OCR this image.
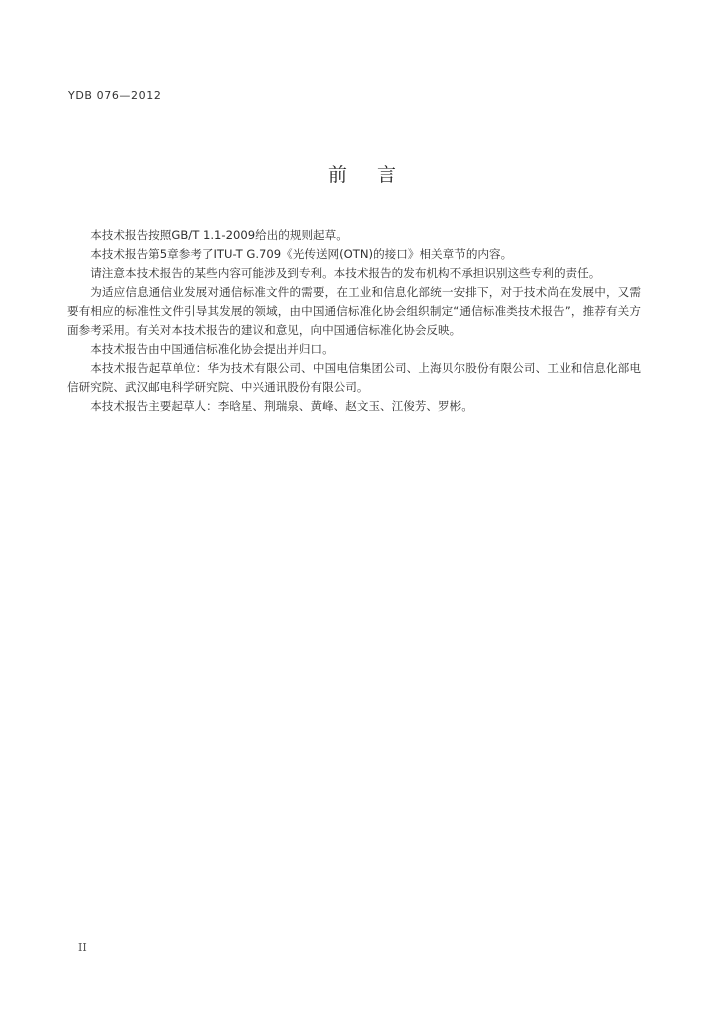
YDB 076—2012
前言

本技术报告按照GB/T 1.1-2009给出的规则起草。

本技术报告第5章参考了ITU-T G.709《光传送网(OTN)的接口》相关章节的内容。

请注意本技术报告的某些内容可能涉及到专利。本技术报告的发布机构不承担识别这些专利的责任。

为适应信息通信业发展对通信标准文件的需要，在工业和信息化部统一安排下，对于技术尚在发展中，又需要有相应的标准性文件引导其发展的领域，由中国通信标准化协会组织制定“通信标准类技术报告”，推荐有关方面参考采用。有关对本技术报告的建议和意见，向中国通信标准化协会反映。

本技术报告由中国通信标准化协会提出并归口。

本技术报告起草单位：华为技术有限公司、中国电信集团公司、上海贝尔股份有限公司、工业和信息化部电信研究院、武汉邮电科学研究院、中兴通讯股份有限公司。

本技术报告主要起草人：李晗星、荆瑞泉、黄峰、赵文玉、江俊芳、罗彬。

II
